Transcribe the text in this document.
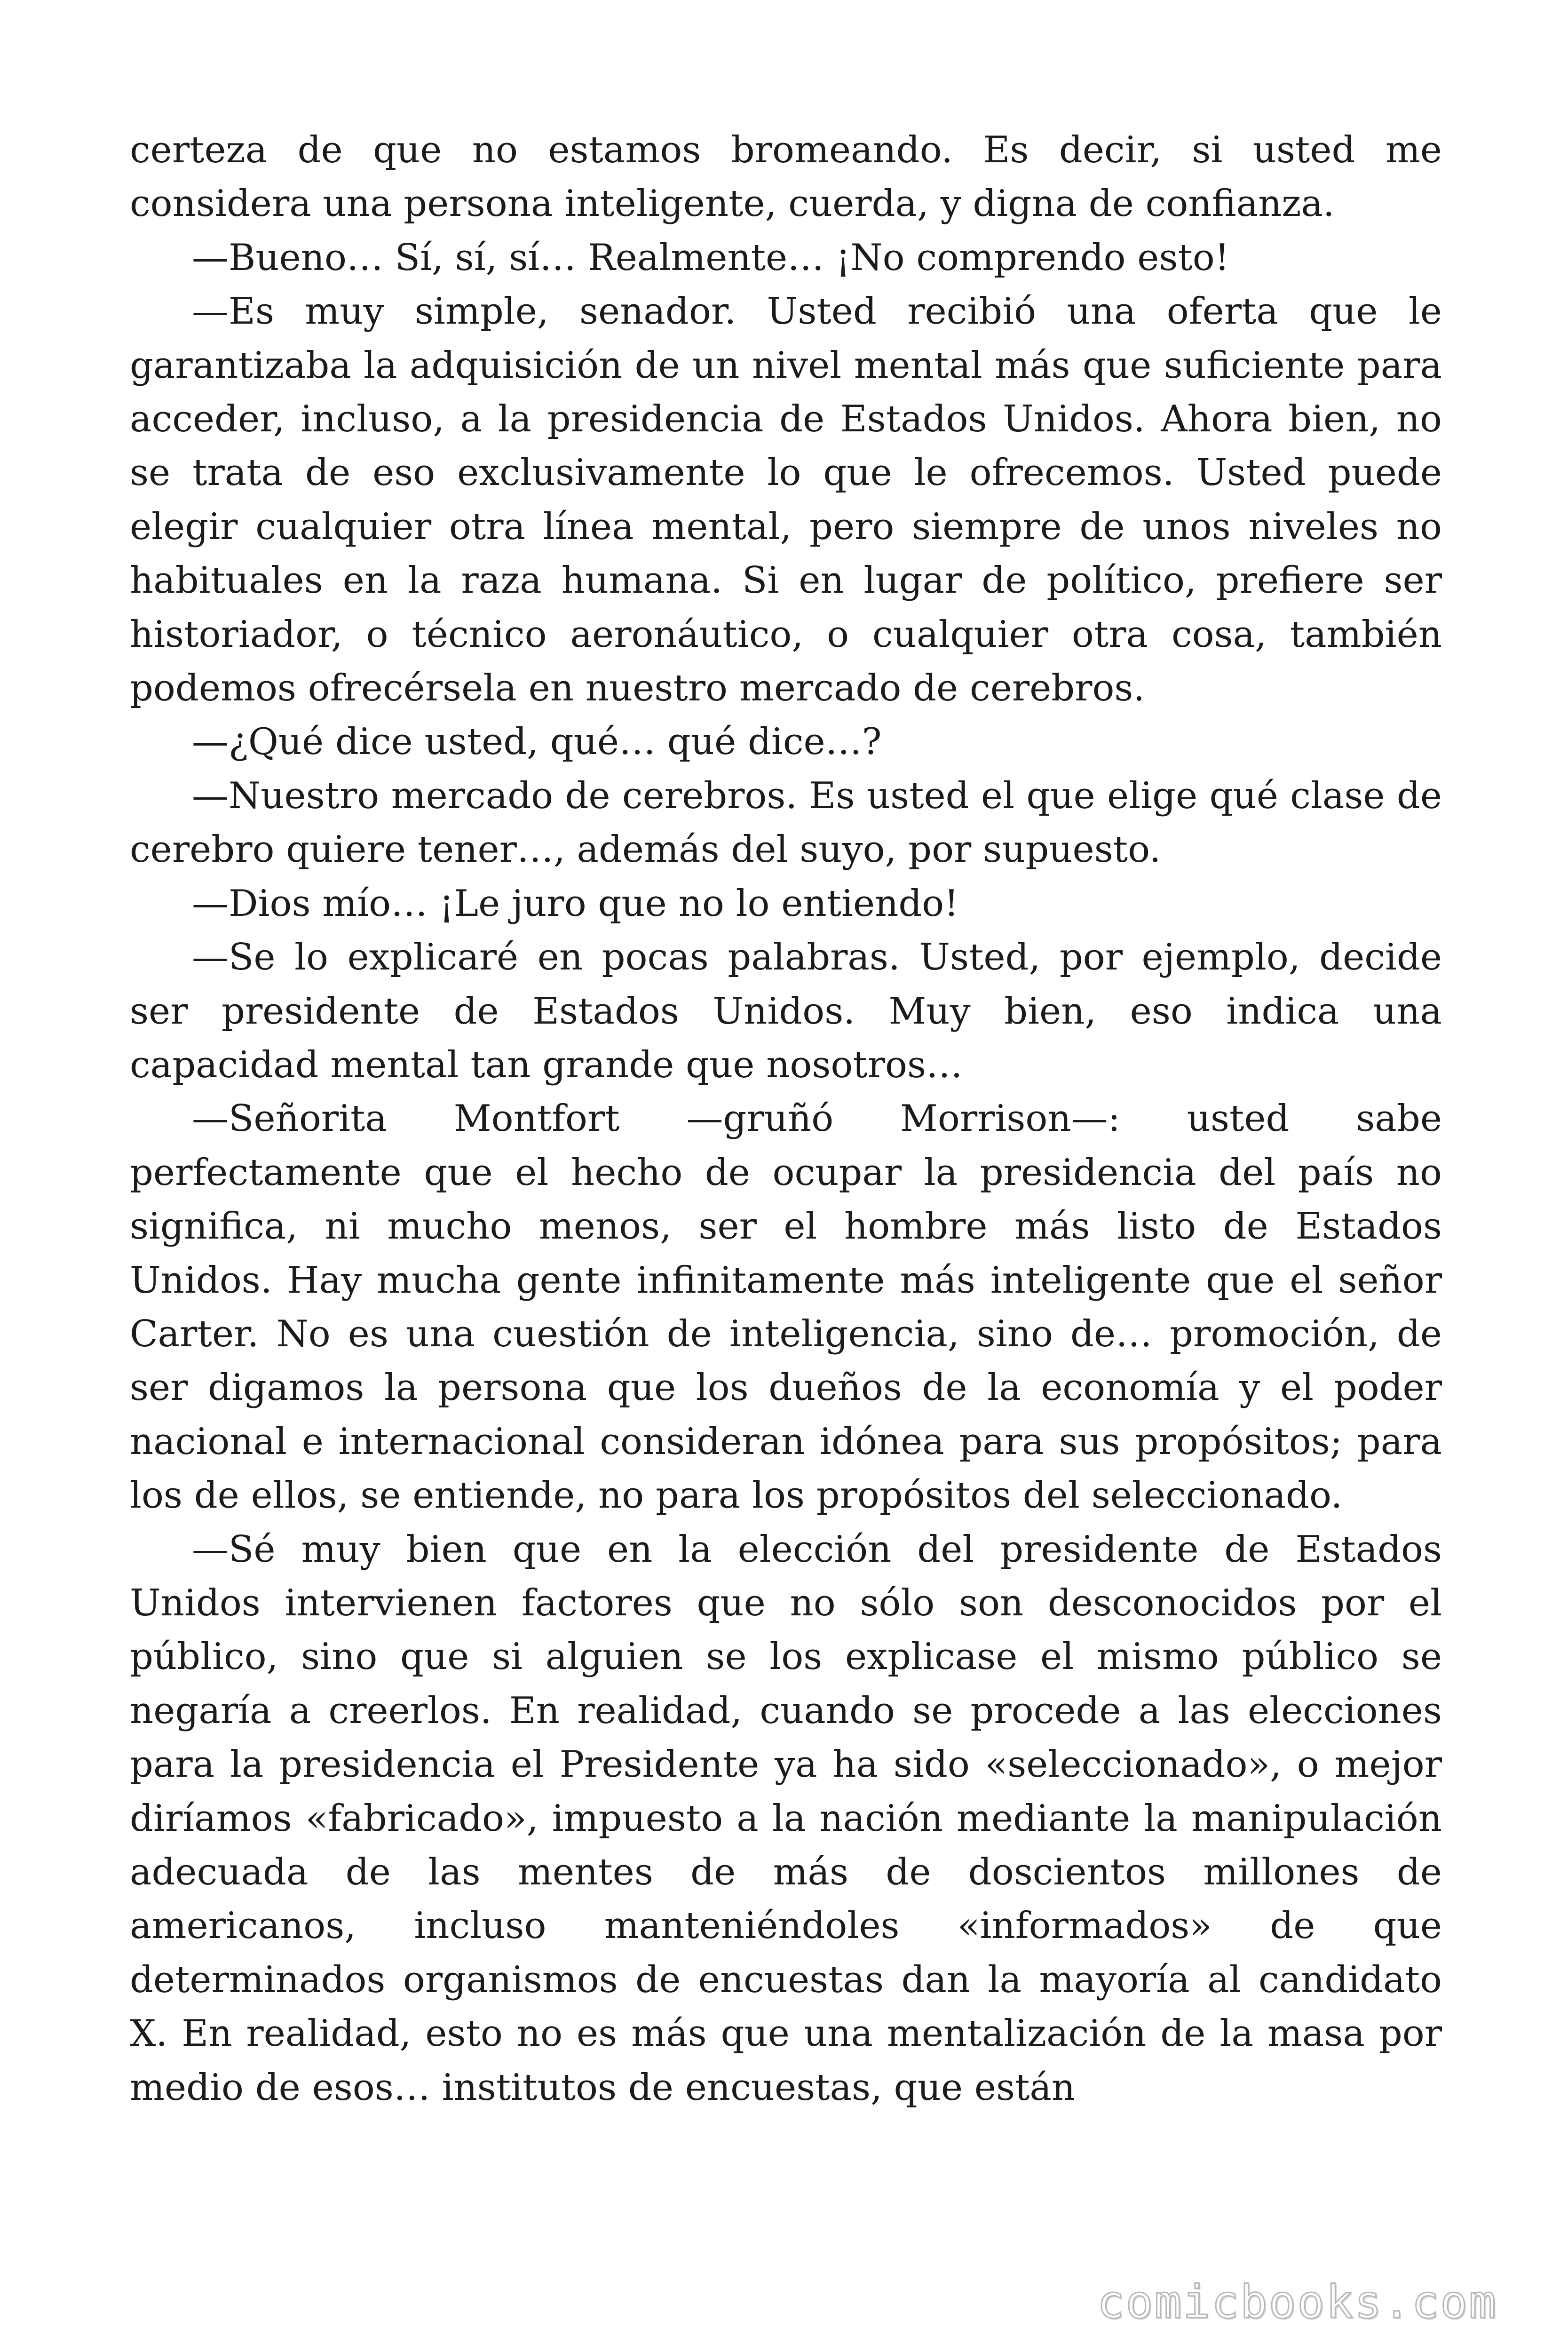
certeza de que no estamos bromeando. Es decir, si usted me considera una persona inteligente, cuerda, y digna de confianza.

—Bueno… Sí, sí, sí… Realmente… ¡No comprendo esto!

—Es muy simple, senador. Usted recibió una oferta que le garantizaba la adquisición de un nivel mental más que suficiente para acceder, incluso, a la presidencia de Estados Unidos. Ahora bien, no se trata de eso exclusivamente lo que le ofrecemos. Usted puede elegir cualquier otra línea mental, pero siempre de unos niveles no habituales en la raza humana. Si en lugar de político, prefiere ser historiador, o técnico aeronáutico, o cualquier otra cosa, también podemos ofrecérsela en nuestro mercado de cerebros.

—¿Qué dice usted, qué… qué dice…?

—Nuestro mercado de cerebros. Es usted el que elige qué clase de cerebro quiere tener…, además del suyo, por supuesto.

—Dios mío… ¡Le juro que no lo entiendo!

—Se lo explicaré en pocas palabras. Usted, por ejemplo, decide ser presidente de Estados Unidos. Muy bien, eso indica una capacidad mental tan grande que nosotros…

—Señorita Montfort —gruñó Morrison—: usted sabe perfectamente que el hecho de ocupar la presidencia del país no significa, ni mucho menos, ser el hombre más listo de Estados Unidos. Hay mucha gente infinitamente más inteligente que el señor Carter. No es una cuestión de inteligencia, sino de… promoción, de ser digamos la persona que los dueños de la economía y el poder nacional e internacional consideran idónea para sus propósitos; para los de ellos, se entiende, no para los propósitos del seleccionado.

—Sé muy bien que en la elección del presidente de Estados Unidos intervienen factores que no sólo son desconocidos por el público, sino que si alguien se los explicase el mismo público se negaría a creerlos. En realidad, cuando se procede a las elecciones para la presidencia el Presidente ya ha sido «seleccionado», o mejor diríamos «fabricado», impuesto a la nación mediante la manipulación adecuada de las mentes de más de doscientos millones de americanos, incluso manteniéndoles «informados» de que determinados organismos de encuestas dan la mayoría al candidato X. En realidad, esto no es más que una mentalización de la masa por medio de esos… institutos de encuestas, que están

comicbooks.com
